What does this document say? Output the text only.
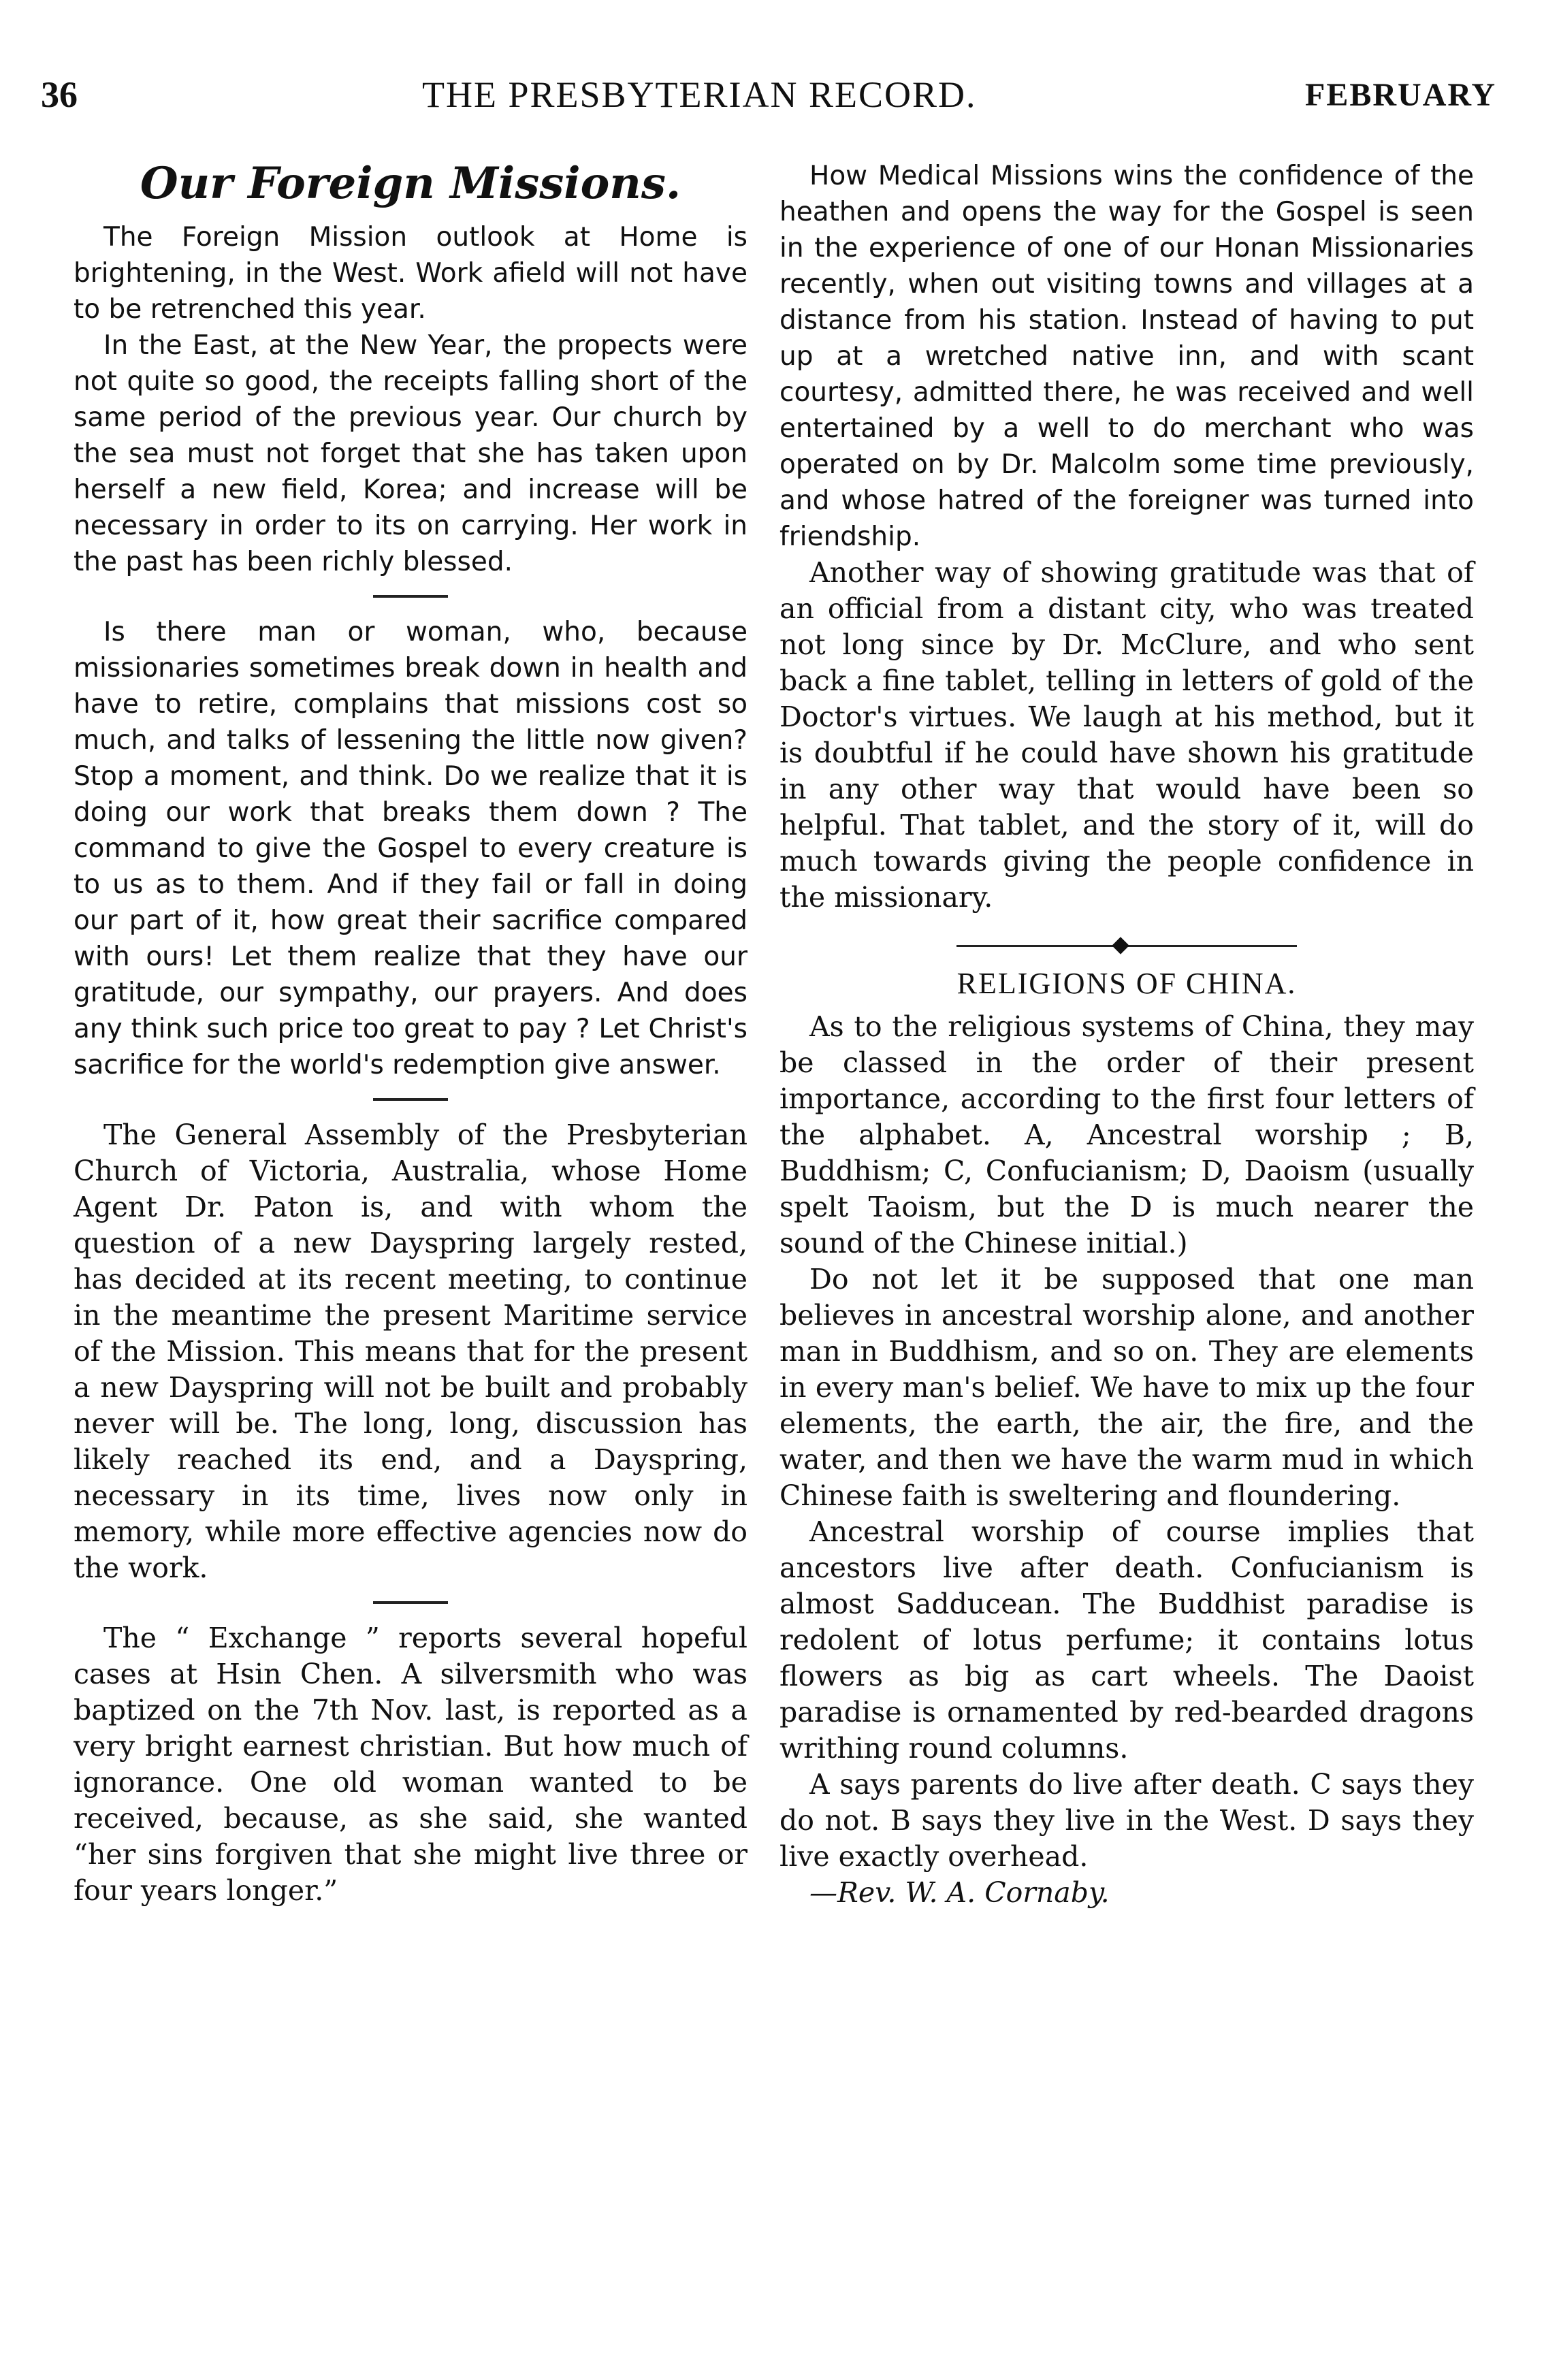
36	THE PRESBYTERIAN RECORD.	FEBRUARY
Our Foreign Missions.

The Foreign Mission outlook at Home is brightening, in the West. Work afield will not have to be retrenched this year.

In the East, at the New Year, the propects were not quite so good, the receipts falling short of the same period of the previous year. Our church by the sea must not forget that she has taken upon herself a new field, Korea; and increase will be necessary in order to its on carrying. Her work in the past has been richly blessed.

Is there man or woman, who, because missionaries sometimes break down in health and have to retire, complains that missions cost so much, and talks of lessening the little now given? Stop a moment, and think. Do we realize that it is doing our work that breaks them down ? The command to give the Gospel to every creature is to us as to them. And if they fail or fall in doing our part of it, how great their sacrifice compared with ours! Let them realize that they have our gratitude, our sympathy, our prayers. And does any think such price too great to pay ? Let Christ's sacrifice for the world's redemption give answer.

The General Assembly of the Presbyterian Church of Victoria, Australia, whose Home Agent Dr. Paton is, and with whom the question of a new Dayspring largely rested, has decided at its recent meeting, to continue in the meantime the present Maritime service of the Mission. This means that for the present a new Dayspring will not be built and probably never will be. The long, long, discussion has likely reached its end, and a Dayspring, necessary in its time, lives now only in memory, while more effective agencies now do the work.

The “ Exchange ” reports several hopeful cases at Hsin Chen. A silversmith who was baptized on the 7th Nov. last, is reported as a very bright earnest christian. But how much of ignorance. One old woman wanted to be received, because, as she said, she wanted “her sins forgiven that she might live three or four years longer.”

How Medical Missions wins the confidence of the heathen and opens the way for the Gospel is seen in the experience of one of our Honan Missionaries recently, when out visiting towns and villages at a distance from his station. Instead of having to put up at a wretched native inn, and with scant courtesy, admitted there, he was received and well entertained by a well to do merchant who was operated on by Dr. Malcolm some time previously, and whose hatred of the foreigner was turned into friendship.

Another way of showing gratitude was that of an official from a distant city, who was treated not long since by Dr. McClure, and who sent back a fine tablet, telling in letters of gold of the Doctor's virtues. We laugh at his method, but it is doubtful if he could have shown his gratitude in any other way that would have been so helpful. That tablet, and the story of it, will do much towards giving the people confidence in the missionary.

RELIGIONS OF CHINA.

As to the religious systems of China, they may be classed in the order of their present importance, according to the first four letters of the alphabet. A, Ancestral worship ; B, Buddhism; C, Confucianism; D, Daoism (usually spelt Taoism, but the D is much nearer the sound of the Chinese initial.)

Do not let it be supposed that one man believes in ancestral worship alone, and another man in Buddhism, and so on. They are elements in every man's belief. We have to mix up the four elements, the earth, the air, the fire, and the water, and then we have the warm mud in which Chinese faith is sweltering and floundering.

Ancestral worship of course implies that ancestors live after death. Confucianism is almost Sadducean. The Buddhist paradise is redolent of lotus perfume; it contains lotus flowers as big as cart wheels. The Daoist paradise is ornamented by red-bearded dragons writhing round columns.

A says parents do live after death. C says they do not. B says they live in the West. D says they live exactly overhead.

—Rev. W. A. Cornaby.
